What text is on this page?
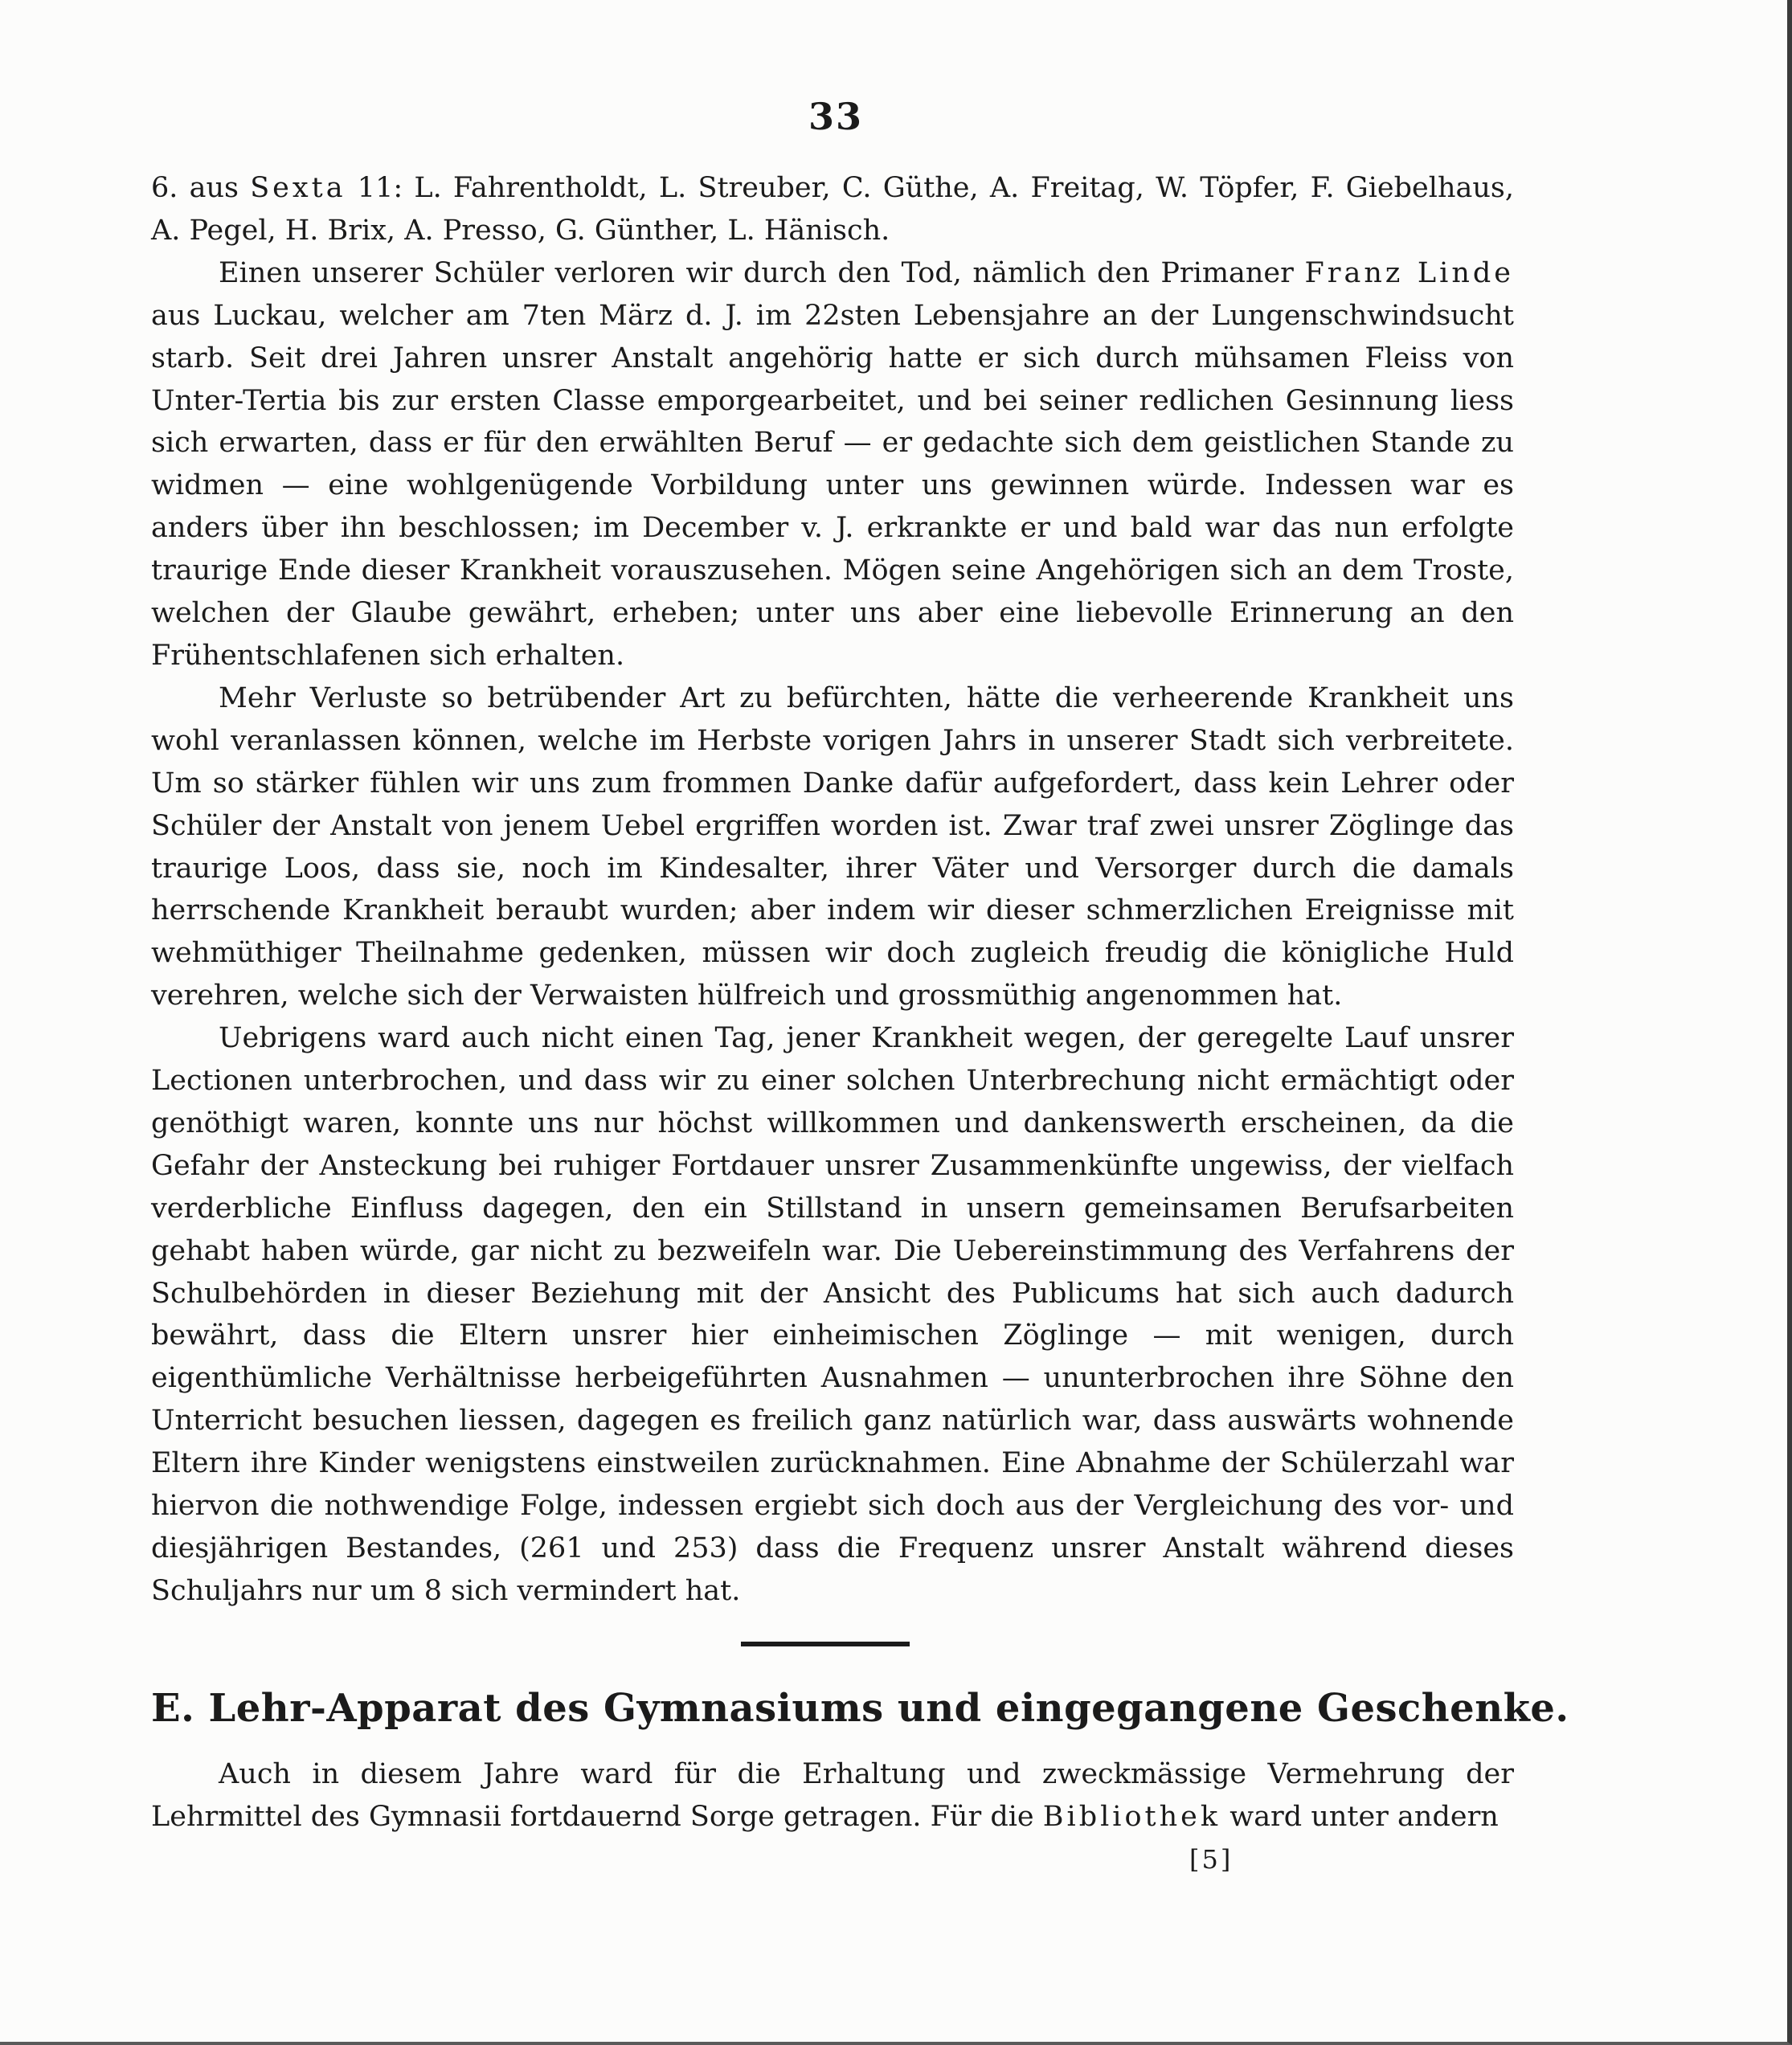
33

6. aus Sexta 11: L. Fahrentholdt, L. Streuber, C. Güthe, A. Freitag, W. Töpfer, F. Giebelhaus, A. Pegel, H. Brix, A. Presso, G. Günther, L. Hänisch.

Einen unserer Schüler verloren wir durch den Tod, nämlich den Primaner Franz Linde aus Luckau, welcher am 7ten März d. J. im 22sten Lebensjahre an der Lungenschwindsucht starb. Seit drei Jahren unsrer Anstalt angehörig hatte er sich durch mühsamen Fleiss von Unter-Tertia bis zur ersten Classe emporgearbeitet, und bei seiner redlichen Gesinnung liess sich erwarten, dass er für den erwählten Beruf — er gedachte sich dem geistlichen Stande zu widmen — eine wohlgenügende Vorbildung unter uns gewinnen würde. Indessen war es anders über ihn beschlossen; im December v. J. erkrankte er und bald war das nun erfolgte traurige Ende dieser Krankheit vorauszusehen. Mögen seine Angehörigen sich an dem Troste, welchen der Glaube gewährt, erheben; unter uns aber eine liebevolle Erinnerung an den Frühentschlafenen sich erhalten.

Mehr Verluste so betrübender Art zu befürchten, hätte die verheerende Krankheit uns wohl veranlassen können, welche im Herbste vorigen Jahrs in unserer Stadt sich verbreitete. Um so stärker fühlen wir uns zum frommen Danke dafür aufgefordert, dass kein Lehrer oder Schüler der Anstalt von jenem Uebel ergriffen worden ist. Zwar traf zwei unsrer Zöglinge das traurige Loos, dass sie, noch im Kindesalter, ihrer Väter und Versorger durch die damals herrschende Krankheit beraubt wurden; aber indem wir dieser schmerzlichen Ereignisse mit wehmüthiger Theilnahme gedenken, müssen wir doch zugleich freudig die königliche Huld verehren, welche sich der Verwaisten hülfreich und grossmüthig angenommen hat.

Uebrigens ward auch nicht einen Tag, jener Krankheit wegen, der geregelte Lauf unsrer Lectionen unterbrochen, und dass wir zu einer solchen Unterbrechung nicht ermächtigt oder genöthigt waren, konnte uns nur höchst willkommen und dankenswerth erscheinen, da die Gefahr der Ansteckung bei ruhiger Fortdauer unsrer Zusammenkünfte ungewiss, der vielfach verderbliche Einfluss dagegen, den ein Stillstand in unsern gemeinsamen Berufsarbeiten gehabt haben würde, gar nicht zu bezweifeln war. Die Uebereinstimmung des Verfahrens der Schulbehörden in dieser Beziehung mit der Ansicht des Publicums hat sich auch dadurch bewährt, dass die Eltern unsrer hier einheimischen Zöglinge — mit wenigen, durch eigenthümliche Verhältnisse herbeigeführten Ausnahmen — ununterbrochen ihre Söhne den Unterricht besuchen liessen, dagegen es freilich ganz natürlich war, dass auswärts wohnende Eltern ihre Kinder wenigstens einstweilen zurücknahmen. Eine Abnahme der Schülerzahl war hiervon die nothwendige Folge, indessen ergiebt sich doch aus der Vergleichung des vor- und diesjährigen Bestandes, (261 und 253) dass die Frequenz unsrer Anstalt während dieses Schuljahrs nur um 8 sich vermindert hat.

E. Lehr-Apparat des Gymnasiums und eingegangene Geschenke.

Auch in diesem Jahre ward für die Erhaltung und zweckmässige Vermehrung der Lehrmittel des Gymnasii fortdauernd Sorge getragen. Für die Bibliothek ward unter andern

[5]
